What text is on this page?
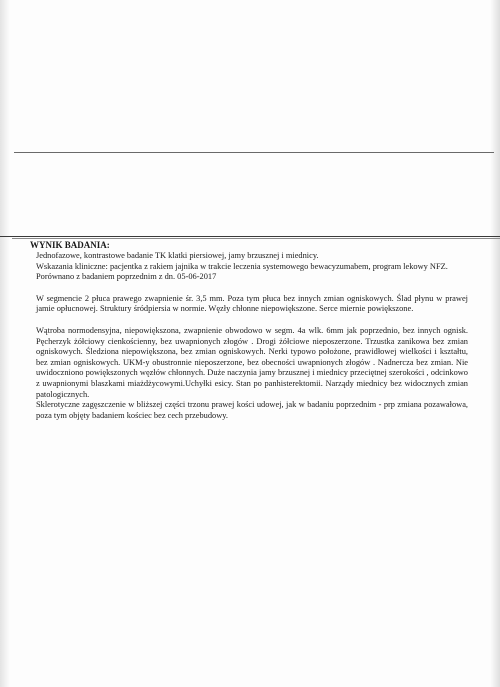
WYNIK BADANIA:

Jednofazowe, kontrastowe badanie TK klatki piersiowej, jamy brzusznej i miednicy.

Wskazania kliniczne: pacjentka z rakiem jajnika w trakcie leczenia systemowego bewacyzumabem, program lekowy NFZ.

Porównano z badaniem poprzednim z dn. 05-06-2017

W segmencie 2 płuca prawego zwapnienie śr. 3,5 mm. Poza tym płuca bez innych zmian ogniskowych. Ślad płynu w prawej jamie opłucnowej. Struktury śródpiersia w normie. Węzły chłonne niepowiększone. Serce miernie powiększone.

Wątroba normodensyjna, niepowiększona, zwapnienie obwodowo w segm. 4a wlk. 6mm jak poprzednio, bez innych ognisk. Pęcherzyk żółciowy cienkościenny, bez uwapnionych złogów . Drogi żółciowe nieposzerzone. Trzustka zanikowa bez zmian ogniskowych. Śledziona niepowiększona, bez zmian ogniskowych. Nerki typowo położone, prawidłowej wielkości i kształtu, bez zmian ogniskowych. UKM-y obustronnie nieposzerzone, bez obecności uwapnionych złogów . Nadnercza bez zmian. Nie uwidoczniono powiększonych węzłów chłonnych. Duże naczynia jamy brzusznej i miednicy przeciętnej szerokości , odcinkowo z uwapnionymi blaszkami miażdżycowymi.Uchyłki esicy. Stan po panhisterektomii. Narządy miednicy bez widocznych zmian patologicznych.

Sklerotyczne zagęszczenie w bliższej części trzonu prawej kości udowej, jak w badaniu poprzednim - prp zmiana pozawałowa, poza tym objęty badaniem kościec bez cech przebudowy.
